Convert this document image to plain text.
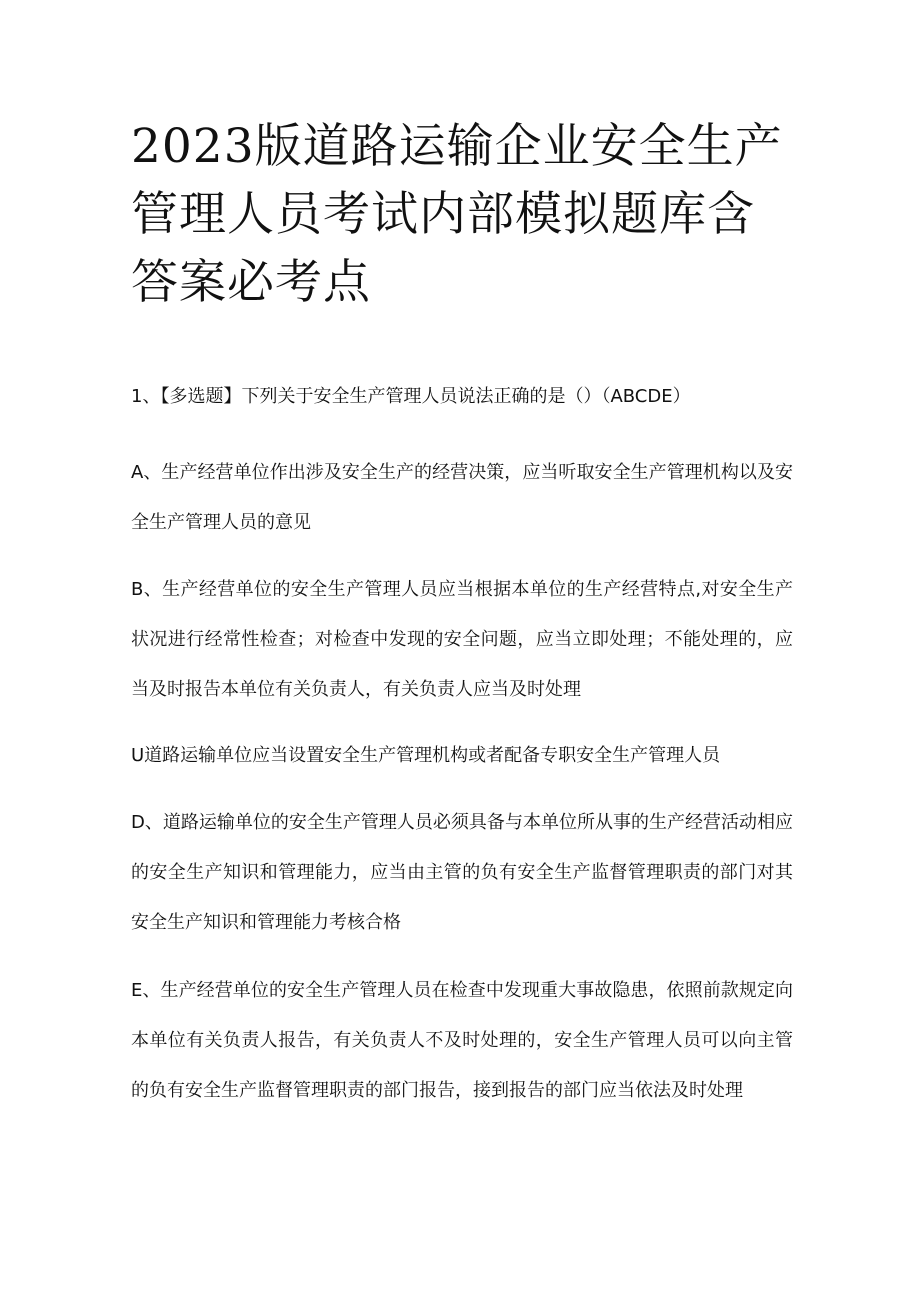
2023版道路运输企业安全生产管理人员考试内部模拟题库含答案必考点

1、【多选题】下列关于安全生产管理人员说法正确的是（）（ABCDE）

A、生产经营单位作出涉及安全生产的经营决策，应当听取安全生产管理机构以及安全生产管理人员的意见

B、生产经营单位的安全生产管理人员应当根据本单位的生产经营特点,对安全生产状况进行经常性检查；对检查中发现的安全问题，应当立即处理；不能处理的，应当及时报告本单位有关负责人，有关负责人应当及时处理

U道路运输单位应当设置安全生产管理机构或者配备专职安全生产管理人员

D、道路运输单位的安全生产管理人员必须具备与本单位所从事的生产经营活动相应的安全生产知识和管理能力，应当由主管的负有安全生产监督管理职责的部门对其安全生产知识和管理能力考核合格

E、生产经营单位的安全生产管理人员在检查中发现重大事故隐患，依照前款规定向本单位有关负责人报告，有关负责人不及时处理的，安全生产管理人员可以向主管的负有安全生产监督管理职责的部门报告，接到报告的部门应当依法及时处理
